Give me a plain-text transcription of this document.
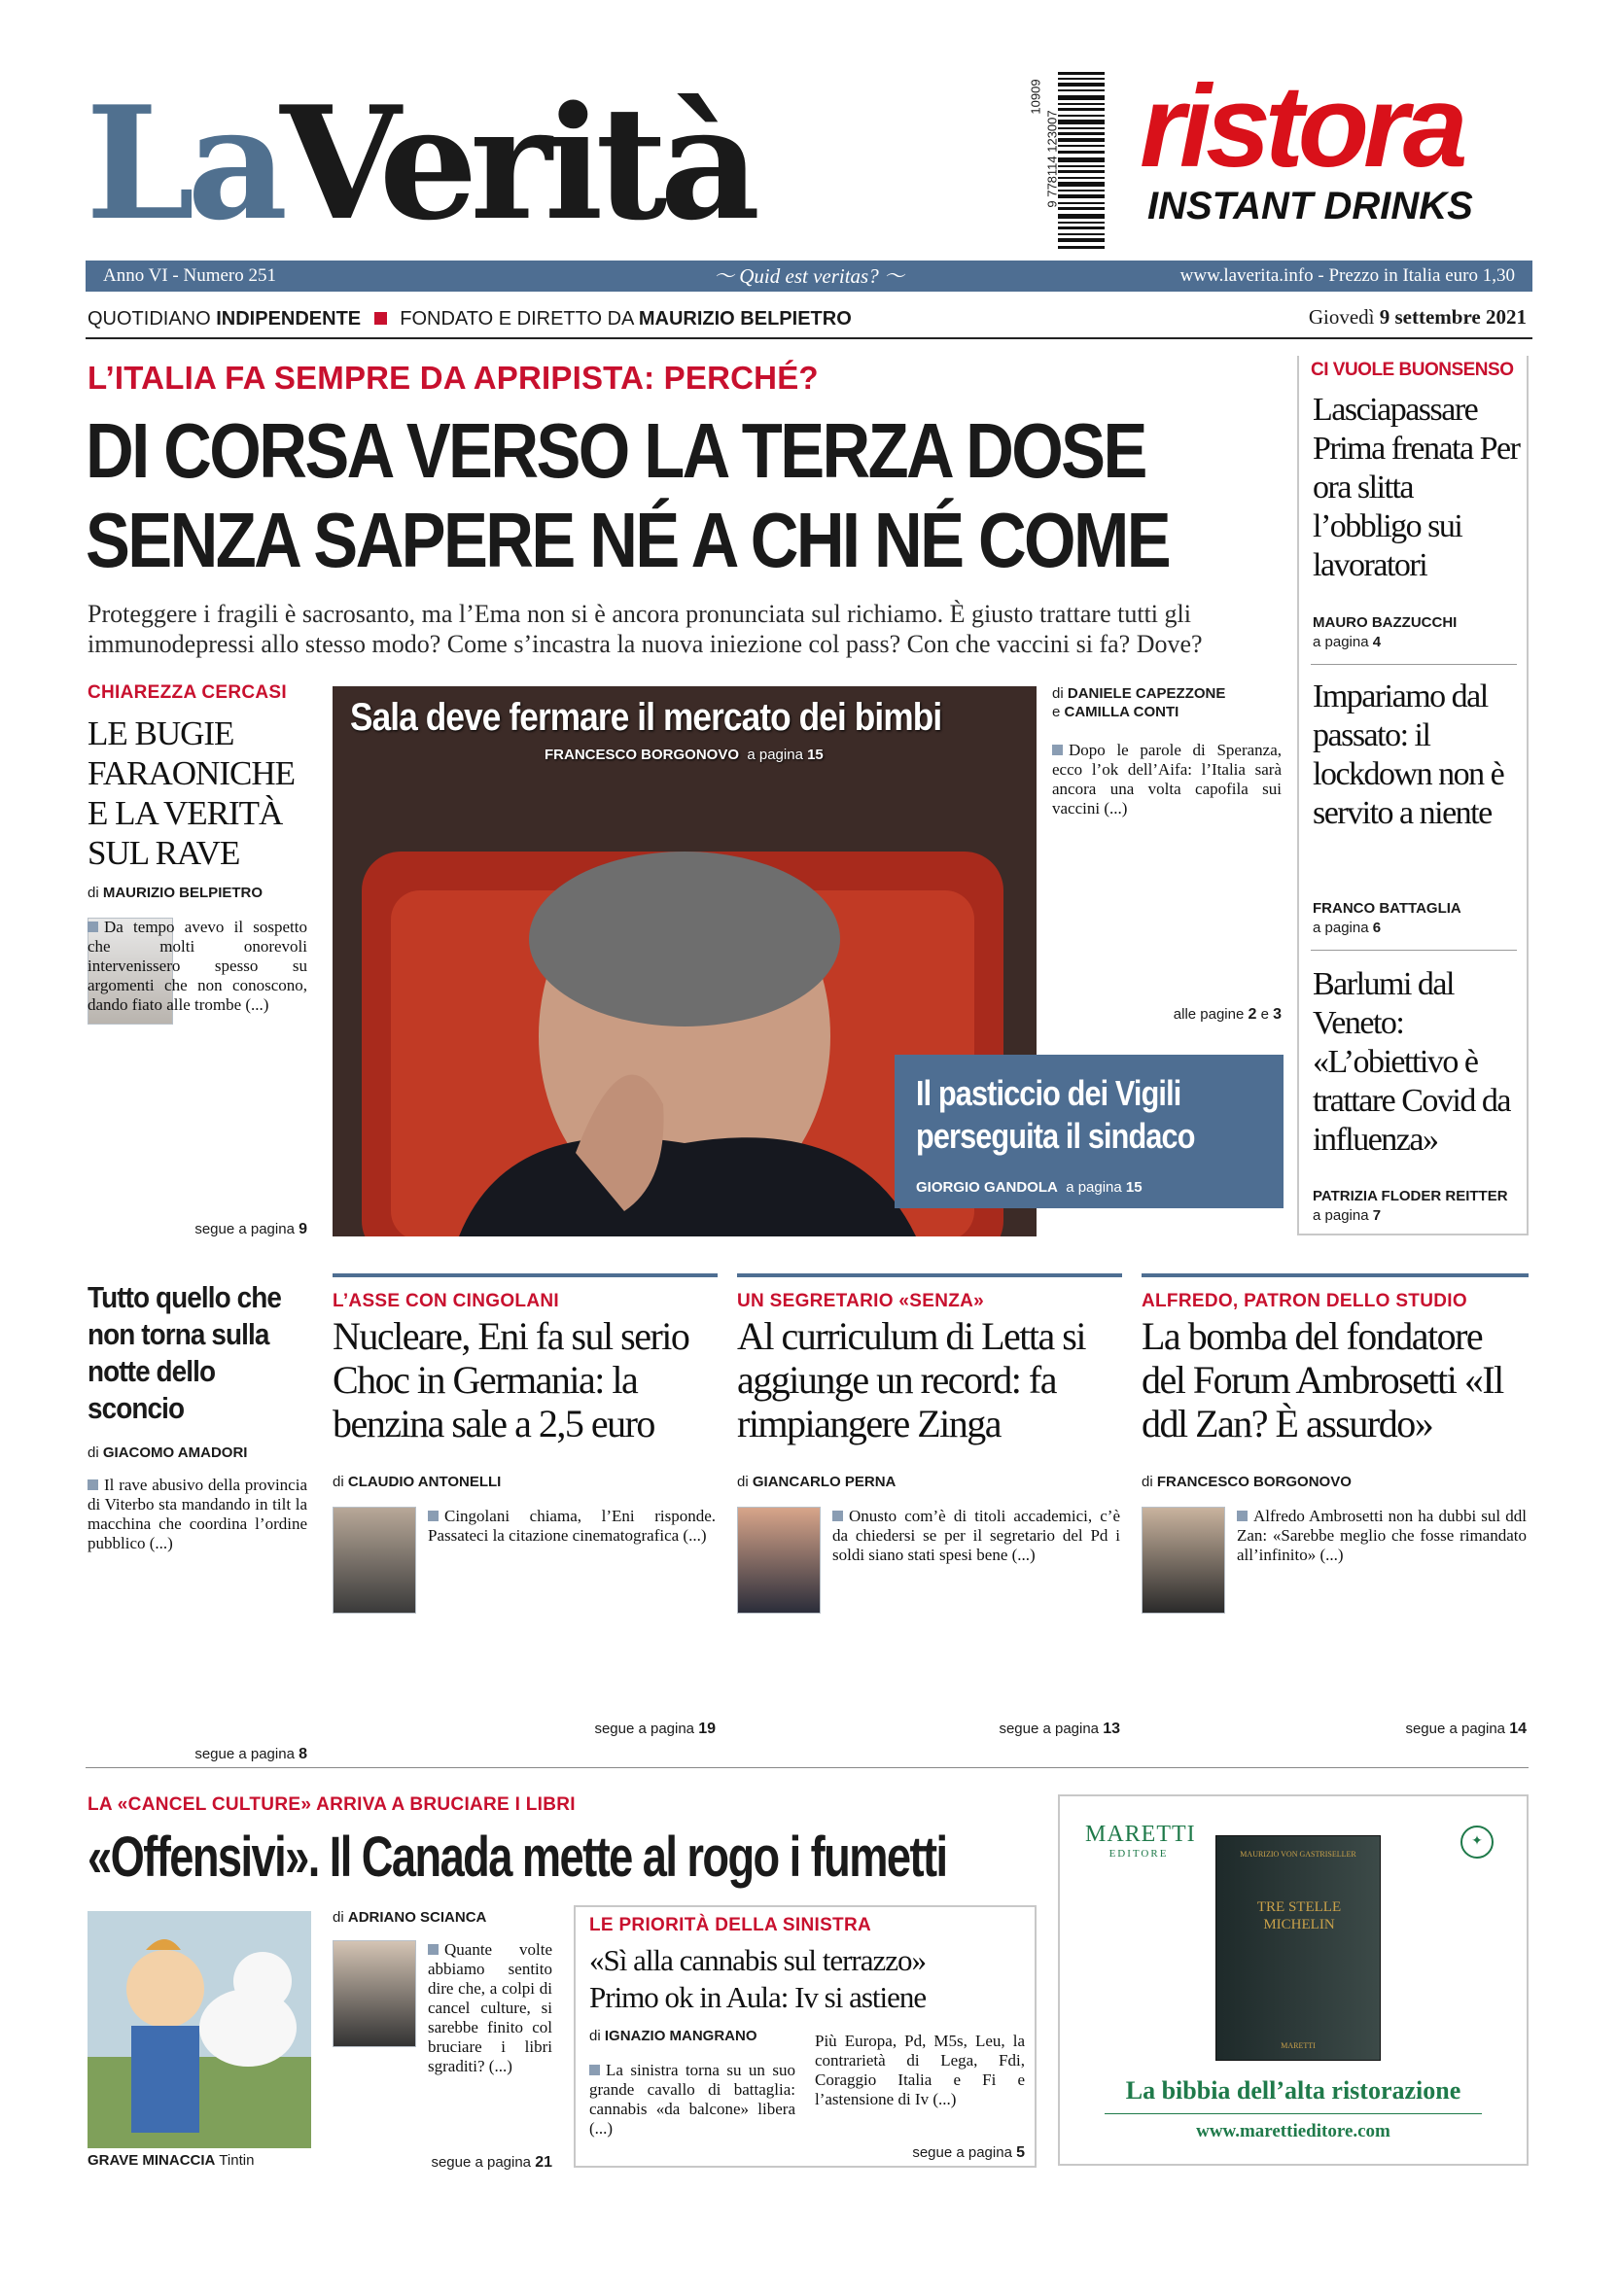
LaVerità	9 778114 123007
10909 ristora
INSTANT DRINKS
Anno VI - Numero 251	〜 Quid est veritas? 〜	www.laverita.info - Prezzo in Italia euro 1,30
QUOTIDIANO INDIPENDENTE FONDATO E DIRETTO DA MAURIZIO BELPIETRO	Giovedì 9 settembre 2021
L’ITALIA FA SEMPRE DA APRIPISTA: PERCHÉ?
DI CORSA VERSO LA TERZA DOSE
SENZA SAPERE NÉ A CHI NÉ COME
Proteggere i fragili è sacrosanto, ma l’Ema non si è ancora pronunciata sul richiamo. È giusto trattare tutti gli immunodepressi allo stesso modo? Come s’incastra la nuova iniezione col pass? Con che vaccini si fa? Dove?
CI VUOLE BUONSENSO
Lasciapassare Prima frenata Per ora slitta l’obbligo sui lavoratori
MAURO BAZZUCCHI
a pagina 4
Impariamo dal passato: il lockdown non è servito a niente
FRANCO BATTAGLIA
a pagina 6
Barlumi dal Veneto: «L’obiettivo è trattare Covid da influenza»
PATRIZIA FLODER REITTER
a pagina 7
CHIAREZZA CERCASI
LE BUGIE FARAONICHE E LA VERITÀ SUL RAVE
di MAURIZIO BELPIETRO
Da tempo avevo il sospetto che molti onorevoli intervenissero spesso su argomenti che non conoscono, dando fiato alle trombe (...)
segue a pagina 9
Sala deve fermare il mercato dei bimbi
FRANCESCO BORGONOVO a pagina 15
Il pasticcio dei Vigili perseguita il sindaco
GIORGIO GANDOLA a pagina 15
di DANIELE CAPEZZONE
e CAMILLA CONTI
Dopo le parole di Speranza, ecco l’ok dell’Aifa: l’Italia sarà ancora una volta capofila sui vaccini (...)
alle pagine 2 e 3
Tutto quello che non torna sulla notte dello sconcio
di GIACOMO AMADORI
Il rave abusivo della provincia di Viterbo sta mandando in tilt la macchina che coordina l’ordine pubblico (...)
segue a pagina 8
L’ASSE CON CINGOLANI
Nucleare, Eni fa sul serio Choc in Germania: la benzina sale a 2,5 euro
di CLAUDIO ANTONELLI
Cingolani chiama, l’Eni risponde. Passateci la citazione cinematografica (...)
segue a pagina 19
UN SEGRETARIO «SENZA»
Al curriculum di Letta si aggiunge un record: fa rimpiangere Zinga
di GIANCARLO PERNA
Onusto com’è di titoli accademici, c’è da chiedersi se per il segretario del Pd i soldi siano stati spesi bene (...)
segue a pagina 13
ALFREDO, PATRON DELLO STUDIO
La bomba del fondatore del Forum Ambrosetti «Il ddl Zan? È assurdo»
di FRANCESCO BORGONOVO
Alfredo Ambrosetti non ha dubbi sul ddl Zan: «Sarebbe meglio che fosse rimandato all’infinito» (...)
segue a pagina 14
LA «CANCEL CULTURE» ARRIVA A BRUCIARE I LIBRI
«Offensivi». Il Canada mette al rogo i fumetti
GRAVE MINACCIA Tintin
di ADRIANO SCIANCA
Quante volte abbiamo sentito dire che, a colpi di cancel culture, si sarebbe finito col bruciare i libri sgraditi? (...)
segue a pagina 21
LE PRIORITÀ DELLA SINISTRA
«Sì alla cannabis sul terrazzo»
Primo ok in Aula: Iv si astiene
di IGNAZIO MANGRANO
La sinistra torna su un suo grande cavallo di battaglia: cannabis «da balcone» libera (...)
Più Europa, Pd, M5s, Leu, la contrarietà di Lega, Fdi, Coraggio Italia e Fi e l’astensione di Iv (...)
segue a pagina 5
MARETTI
EDITORE
✦
MAURIZIO VON GASTRISELLER
TRE STELLE MICHELIN
MARETTI
La bibbia dell’alta ristorazione
www.marettieditore.com
